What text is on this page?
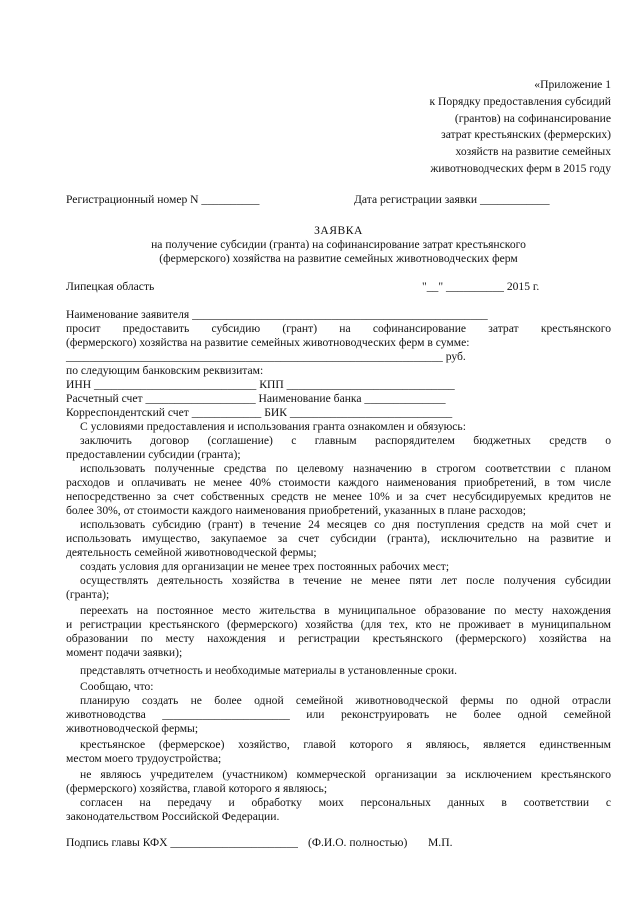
«Приложение 1
к Порядку предоставления субсидий
(грантов) на софинансирование
затрат крестьянских (фермерских)
хозяйств на развитие семейных
животноводческих ферм в 2015 году
Регистрационный номер N __________	Дата регистрации заявки ____________
ЗАЯВКА
на получение субсидии (гранта) на софинансирование затрат крестьянского
(фермерского) хозяйства на развитие семейных животноводческих ферм
Липецкая область	"__" __________ 2015 г.
Наименование заявителя ___________________________________________________
просит предоставить субсидию (грант) на софинансирование затрат крестьянского
(фермерского) хозяйства на развитие семейных животноводческих ферм в сумме:
_________________________________________________________________ руб.
по следующим банковским реквизитам:
ИНН ____________________________ КПП _____________________________
Расчетный счет ___________________ Наименование банка ______________
Корреспондентский счет ____________ БИК ____________________________
С условиями предоставления и использования гранта ознакомлен и обязуюсь:
заключить договор (соглашение) с главным распорядителем бюджетных средств о
предоставлении субсидии (гранта);
использовать полученные средства по целевому назначению в строгом соответствии с планом
расходов и оплачивать не менее 40% стоимости каждого наименования приобретений, в том числе
непосредственно за счет собственных средств не менее 10% и за счет несубсидируемых кредитов не
более 30%, от стоимости каждого наименования приобретений, указанных в плане расходов;
использовать субсидию (грант) в течение 24 месяцев со дня поступления средств на мой счет и
использовать имущество, закупаемое за счет субсидии (гранта), исключительно на развитие и
деятельность семейной животноводческой фермы;
создать условия для организации не менее трех постоянных рабочих мест;
осуществлять деятельность хозяйства в течение не менее пяти лет после получения субсидии
(гранта);
переехать на постоянное место жительства в муниципальное образование по месту нахождения
и регистрации крестьянского (фермерского) хозяйства (для тех, кто не проживает в муниципальном
образовании по месту нахождения и регистрации крестьянского (фермерского) хозяйства на
момент подачи заявки);
представлять отчетность и необходимые материалы в установленные сроки.
Сообщаю, что:
планирую создать не более одной семейной животноводческой фермы по одной отрасли
животноводства ______________________ или реконструировать не более одной семейной
животноводческой фермы;
крестьянское (фермерское) хозяйство, главой которого я являюсь, является единственным
местом моего трудоустройства;
не являюсь учредителем (участником) коммерческой организации за исключением крестьянского
(фермерского) хозяйства, главой которого я являюсь;
согласен на передачу и обработку моих персональных данных в соответствии с
законодательством Российской Федерации.
Подпись главы КФХ ______________________ (Ф.И.О. полностью) М.П.
